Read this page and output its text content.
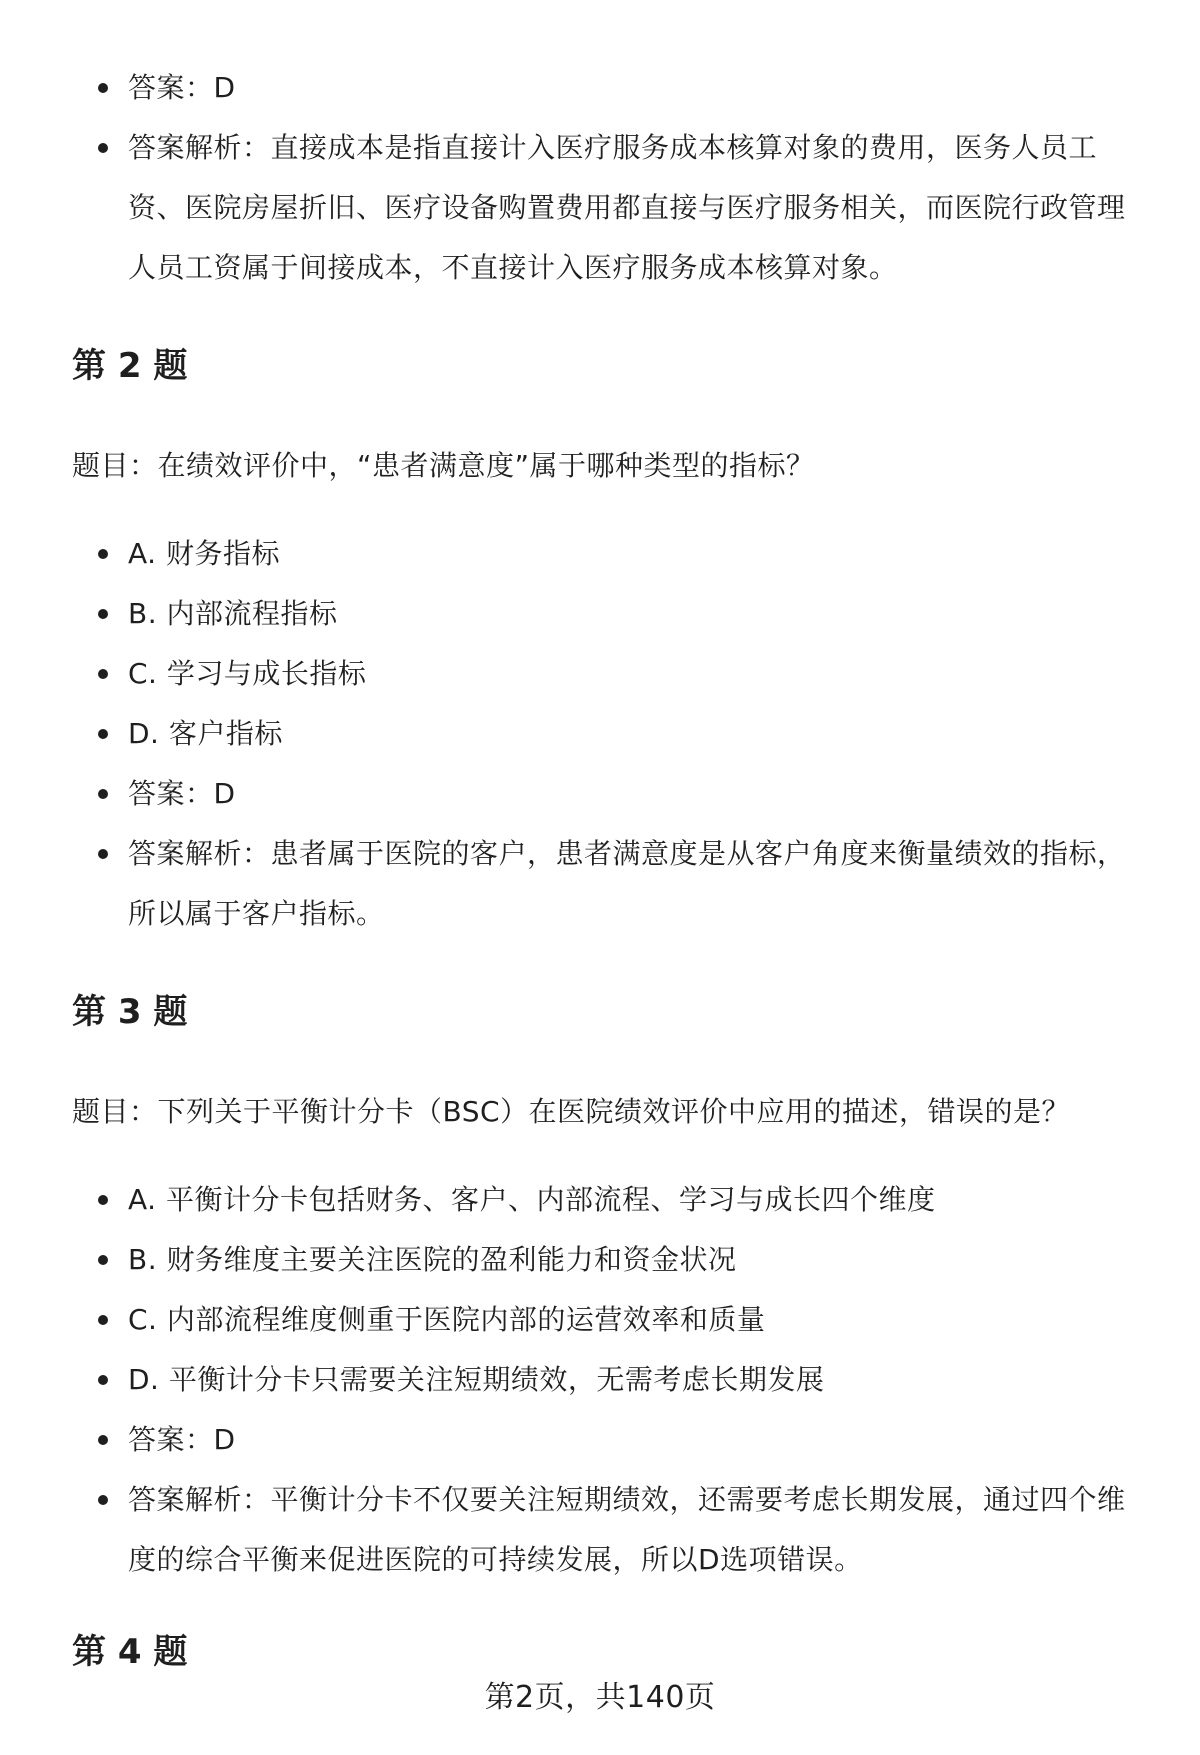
答案：D
答案解析：直接成本是指直接计入医疗服务成本核算对象的费用，医务人员工资、医院房屋折旧、医疗设备购置费用都直接与医疗服务相关，而医院行政管理人员工资属于间接成本，不直接计入医疗服务成本核算对象。
第 2 题

题目：在绩效评价中，“患者满意度”属于哪种类型的指标？

A. 财务指标
B. 内部流程指标
C. 学习与成长指标
D. 客户指标
答案：D
答案解析：患者属于医院的客户，患者满意度是从客户角度来衡量绩效的指标，所以属于客户指标。
第 3 题

题目：下列关于平衡计分卡（BSC）在医院绩效评价中应用的描述，错误的是？

A. 平衡计分卡包括财务、客户、内部流程、学习与成长四个维度
B. 财务维度主要关注医院的盈利能力和资金状况
C. 内部流程维度侧重于医院内部的运营效率和质量
D. 平衡计分卡只需要关注短期绩效，无需考虑长期发展
答案：D
答案解析：平衡计分卡不仅要关注短期绩效，还需要考虑长期发展，通过四个维度的综合平衡来促进医院的可持续发展，所以D选项错误。
第 4 题
第2页，共140页
